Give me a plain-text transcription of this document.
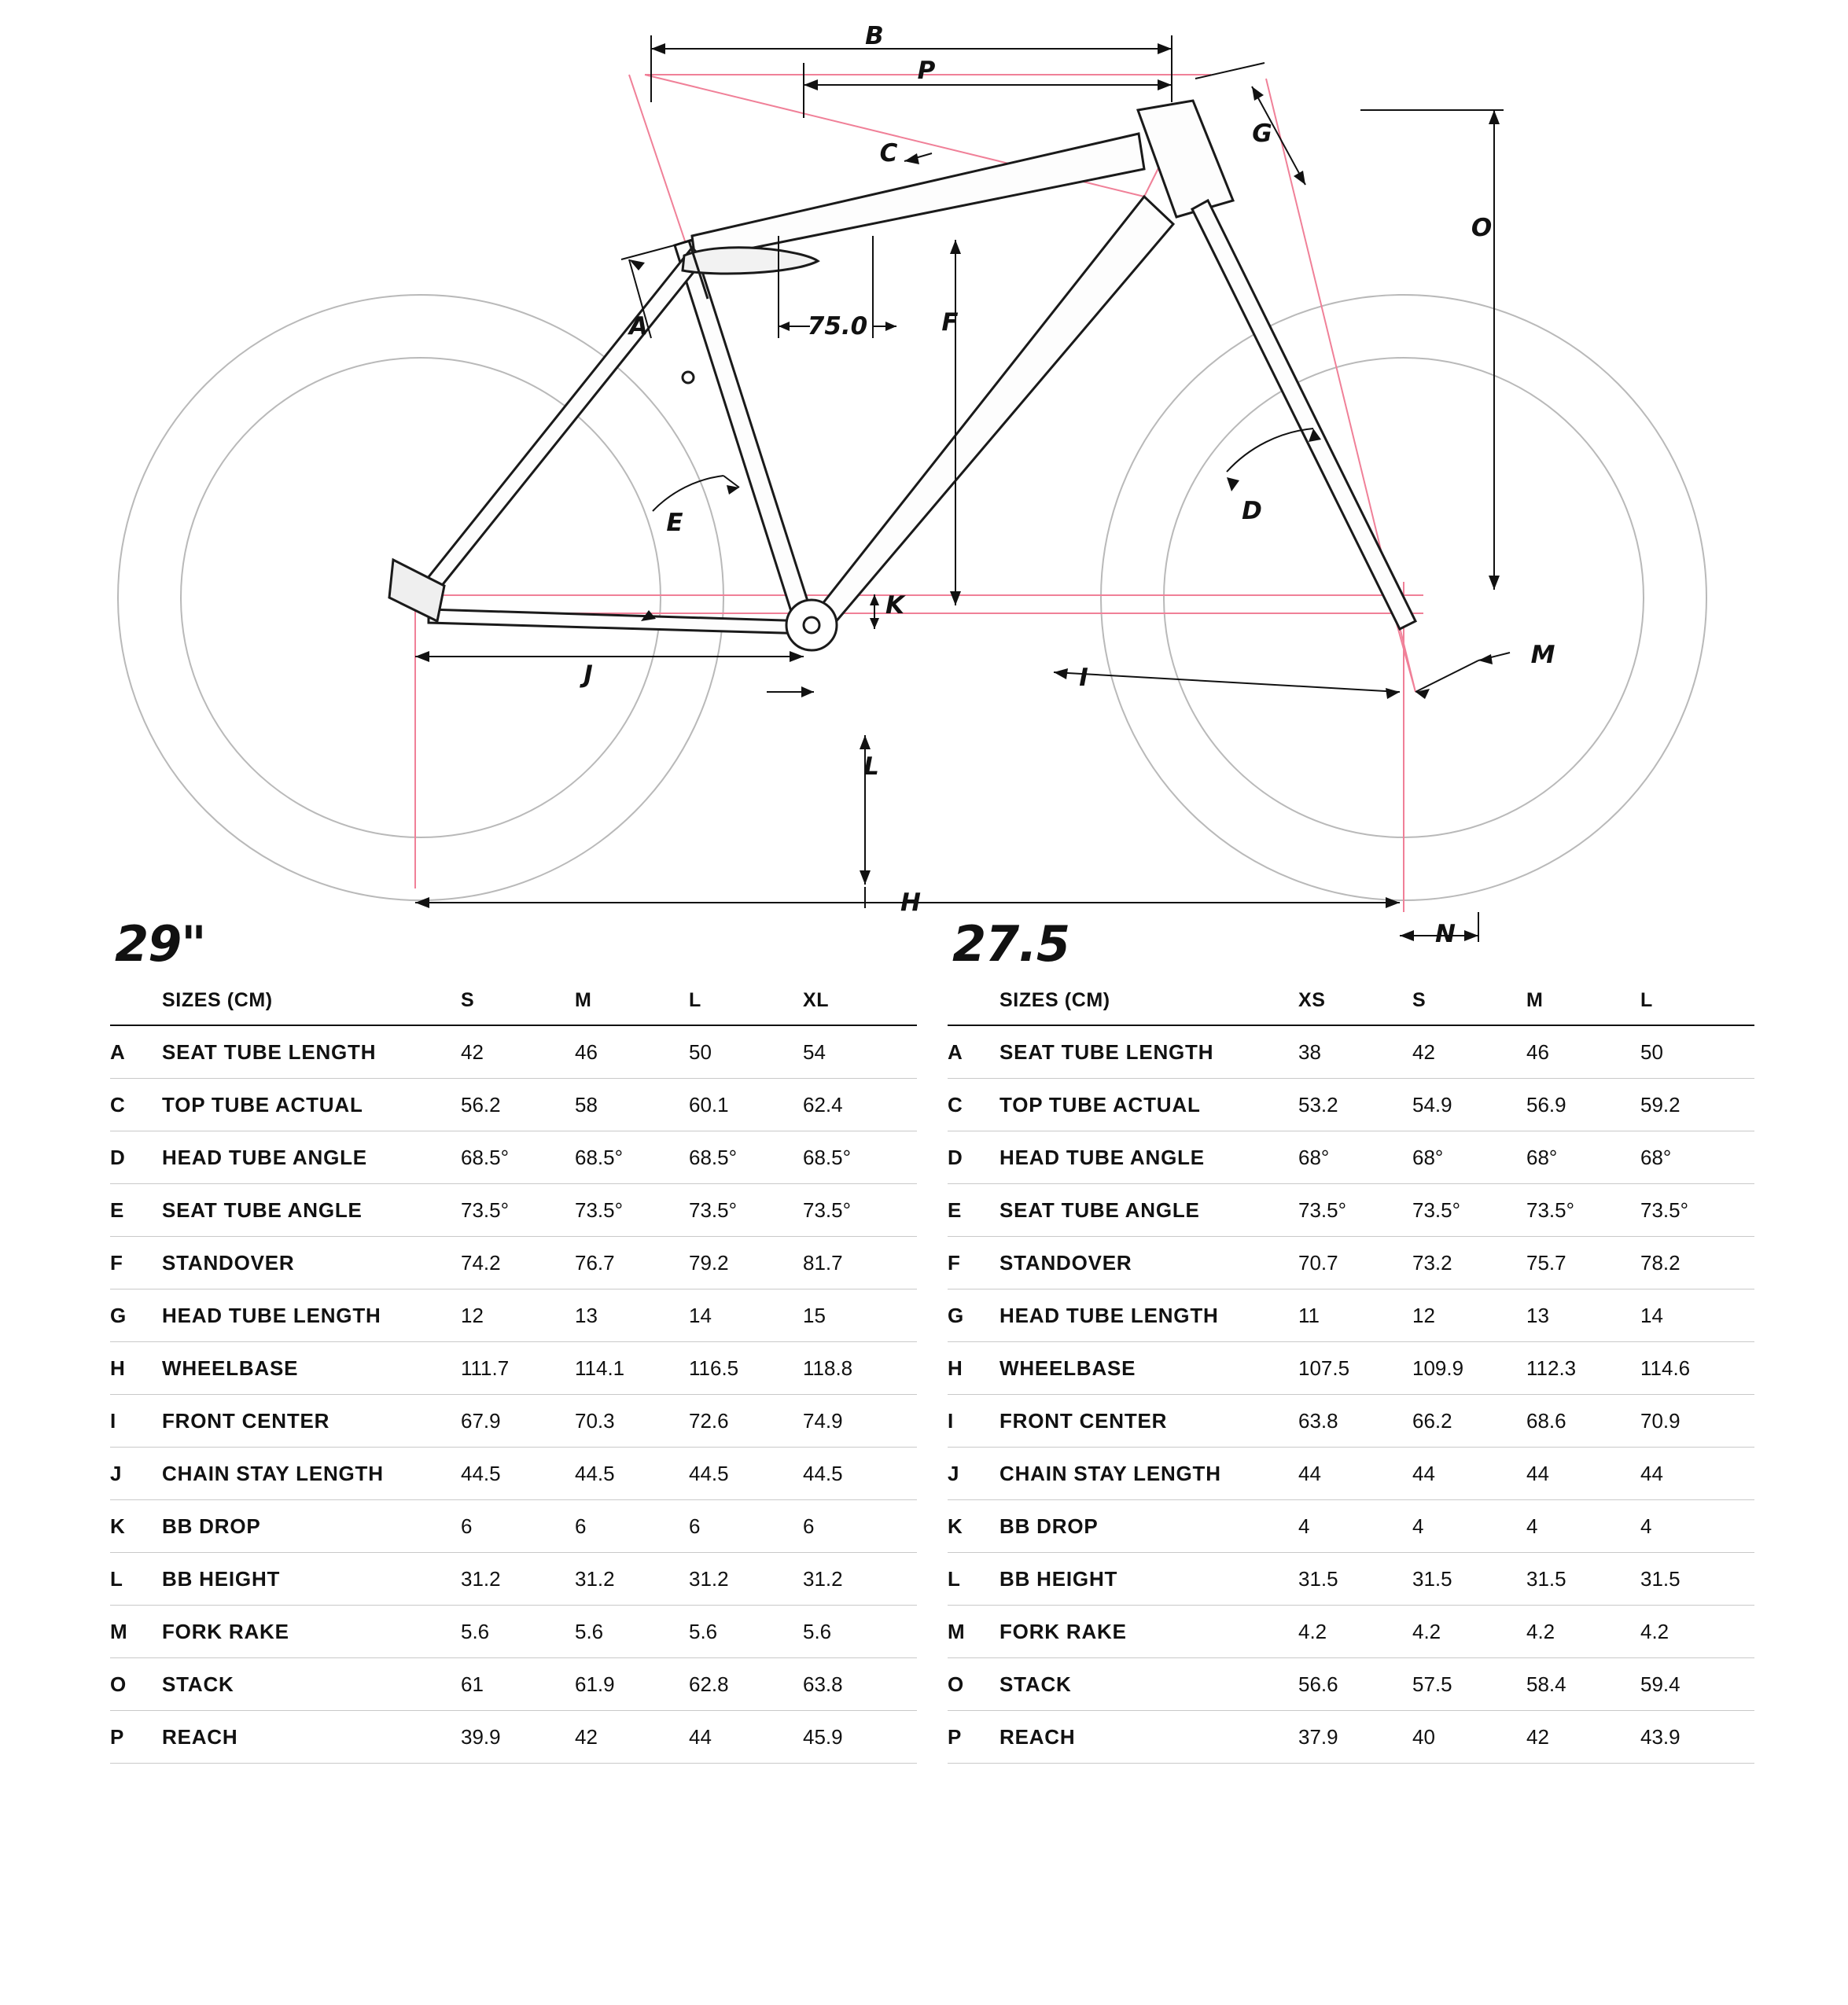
B
P
C
A
G
O
F
75.0
E	D
K
J	I
M
L
H
N
29"
	SIZES (CM)	S	M	L	XL
A	SEAT TUBE LENGTH	42	46	50	54
C	TOP TUBE ACTUAL	56.2	58	60.1	62.4
D	HEAD TUBE ANGLE	68.5°	68.5°	68.5°	68.5°
E	SEAT TUBE ANGLE	73.5°	73.5°	73.5°	73.5°
F	STANDOVER	74.2	76.7	79.2	81.7
G	HEAD TUBE LENGTH	12	13	14	15
H	WHEELBASE	111.7	114.1	116.5	118.8
I	FRONT CENTER	67.9	70.3	72.6	74.9
J	CHAIN STAY LENGTH	44.5	44.5	44.5	44.5
K	BB DROP	6	6	6	6
L	BB HEIGHT	31.2	31.2	31.2	31.2
M	FORK RAKE	5.6	5.6	5.6	5.6
O	STACK	61	61.9	62.8	63.8
P	REACH	39.9	42	44	45.9
27.5
	SIZES (CM)	XS	S	M	L
A	SEAT TUBE LENGTH	38	42	46	50
C	TOP TUBE ACTUAL	53.2	54.9	56.9	59.2
D	HEAD TUBE ANGLE	68°	68°	68°	68°
E	SEAT TUBE ANGLE	73.5°	73.5°	73.5°	73.5°
F	STANDOVER	70.7	73.2	75.7	78.2
G	HEAD TUBE LENGTH	11	12	13	14
H	WHEELBASE	107.5	109.9	112.3	114.6
I	FRONT CENTER	63.8	66.2	68.6	70.9
J	CHAIN STAY LENGTH	44	44	44	44
K	BB DROP	4	4	4	4
L	BB HEIGHT	31.5	31.5	31.5	31.5
M	FORK RAKE	4.2	4.2	4.2	4.2
O	STACK	56.6	57.5	58.4	59.4
P	REACH	37.9	40	42	43.9
